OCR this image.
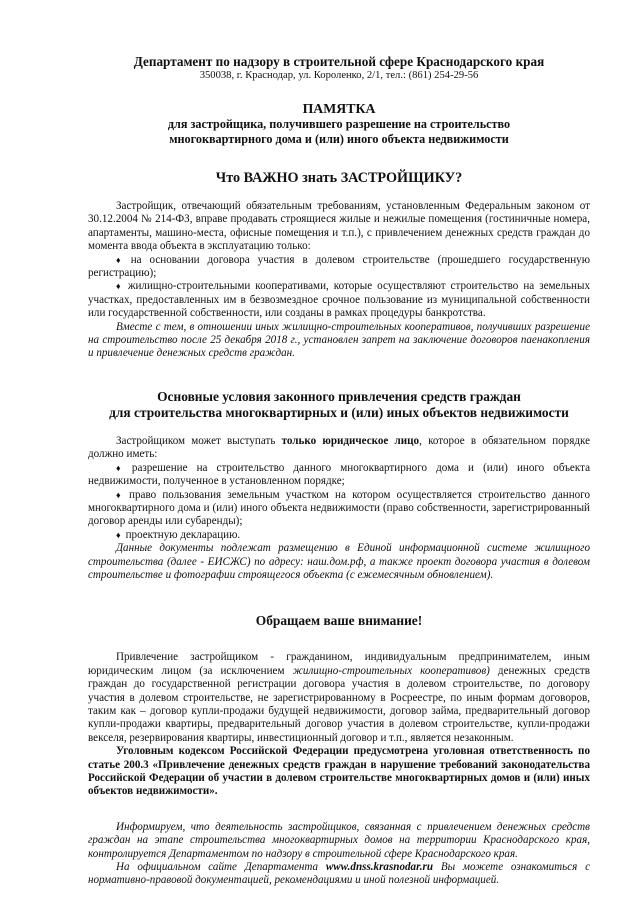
Департамент по надзору в строительной сфере Краснодарского края
350038, г. Краснодар, ул. Короленко, 2/1, тел.: (861) 254-29-56
ПАМЯТКА
для застройщика, получившего разрешение на строительство
многоквартирного дома и (или) иного объекта недвижимости
Что ВАЖНО знать ЗАСТРОЙЩИКУ?

Застройщик, отвечающий обязательным требованиям, установленным Федеральным законом от 30.12.2004 № 214-ФЗ, вправе продавать строящиеся жилые и нежилые помещения (гостиничные номера, апартаменты, машино-места, офисные помещения и т.п.), с привлечением денежных средств граждан до момента ввода объекта в эксплуатацию только:

♦ на основании договора участия в долевом строительстве (прошедшего государственную регистрацию);

♦ жилищно-строительными кооперативами, которые осуществляют строительство на земельных участках, предоставленных им в безвозмездное срочное пользование из муниципальной собственности или государственной собственности, или созданы в рамках процедуры банкротства.

Вместе с тем, в отношении иных жилищно-строительных кооперативов, получивших разрешение на строительство после 25 декабря 2018 г., установлен запрет на заключение договоров паенакопления и привлечение денежных средств граждан.

Основные условия законного привлечения средств граждан
для строительства многоквартирных и (или) иных объектов недвижимости

Застройщиком может выступать только юридическое лицо, которое в обязательном порядке должно иметь:

♦ разрешение на строительство данного многоквартирного дома и (или) иного объекта недвижимости, полученное в установленном порядке;

♦ право пользования земельным участком на котором осуществляется строительство данного многоквартирного дома и (или) иного объекта недвижимости (право собственности, зарегистрированный договор аренды или субаренды);

♦ проектную декларацию.

Данные документы подлежат размещению в Единой информационной системе жилищного строительства (далее - ЕИСЖС) по адресу: наш.дом.рф, а также проект договора участия в долевом строительстве и фотографии строящегося объекта (с ежемесячным обновлением).

Обращаем ваше внимание!

Привлечение застройщиком - гражданином, индивидуальным предпринимателем, иным юридическим лицом (за исключением жилищно-строительных кооперативов) денежных средств граждан до государственной регистрации договора участия в долевом строительстве, по договору участия в долевом строительстве, не зарегистрированному в Росреестре, по иным формам договоров, таким как – договор купли-продажи будущей недвижимости, договор займа, предварительный договор купли-продажи квартиры, предварительный договор участия в долевом строительстве, купли-продажи векселя, резервирования квартиры, инвестиционный договор и т.п., является незаконным.

Уголовным кодексом Российской Федерации предусмотрена уголовная ответственность по статье 200.3 «Привлечение денежных средств граждан в нарушение требований законодательства Российской Федерации об участии в долевом строительстве многоквартирных домов и (или) иных объектов недвижимости».

Информируем, что деятельность застройщиков, связанная с привлечением денежных средств граждан на этапе строительства многоквартирных домов на территории Краснодарского края, контролируется Департаментом по надзору в строительной сфере Краснодарского края.

На официальном сайте Департамента www.dnss.krasnodar.ru Вы можете ознакомиться с нормативно-правовой документацией, рекомендациями и иной полезной информацией.
